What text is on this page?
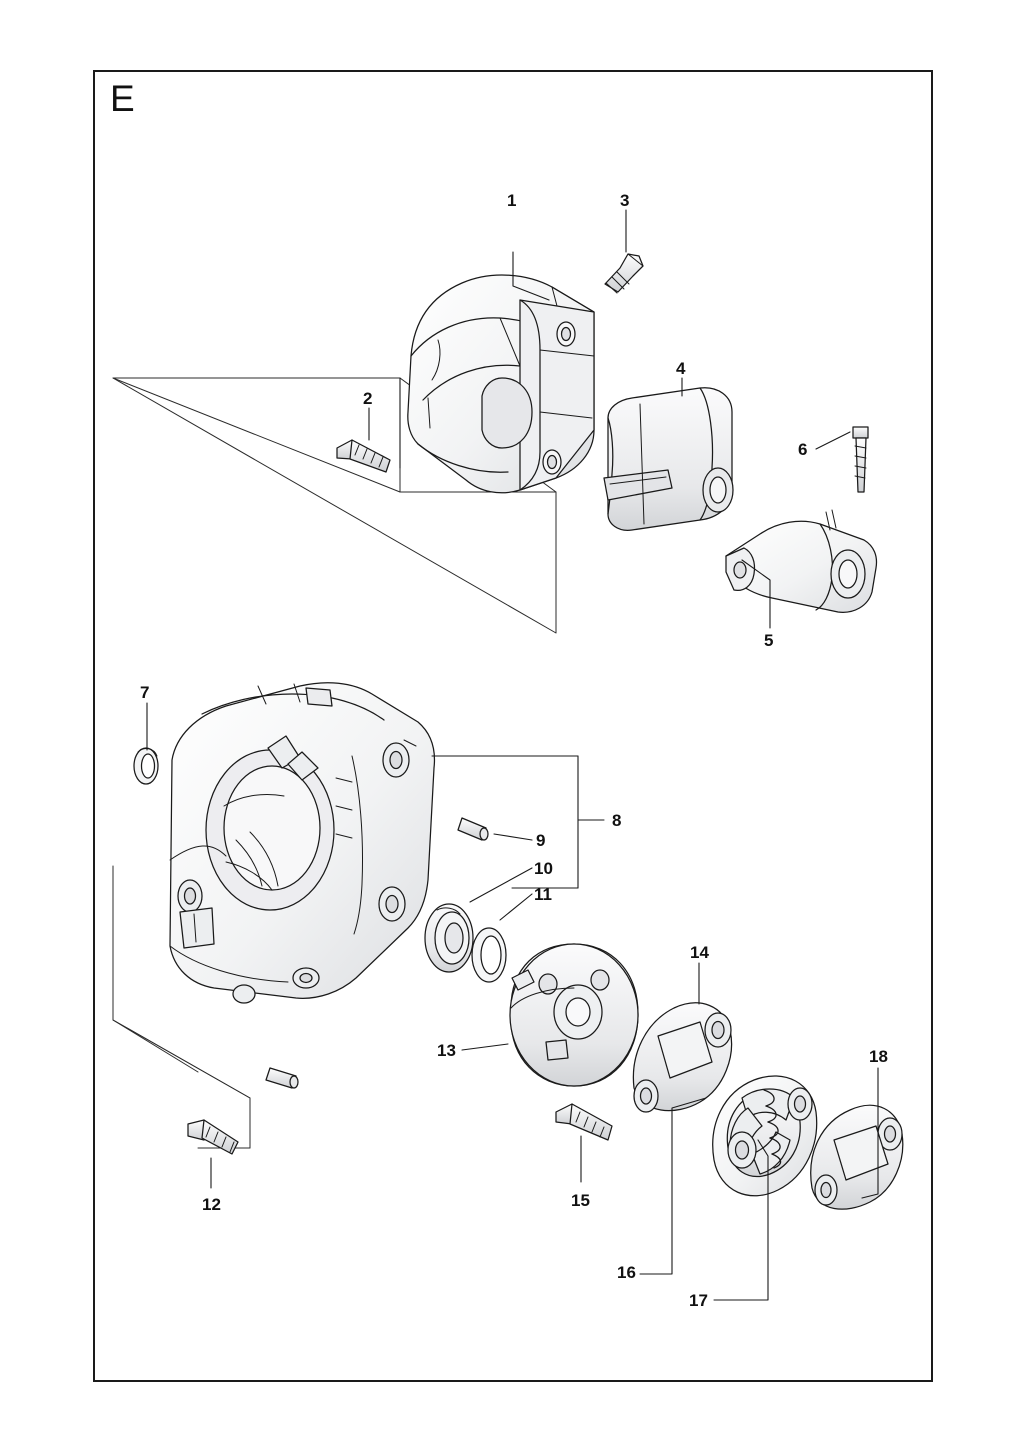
E
1
2
3
4
5
6
7
8
9
10
11
12
13
14
15
16
17
18
